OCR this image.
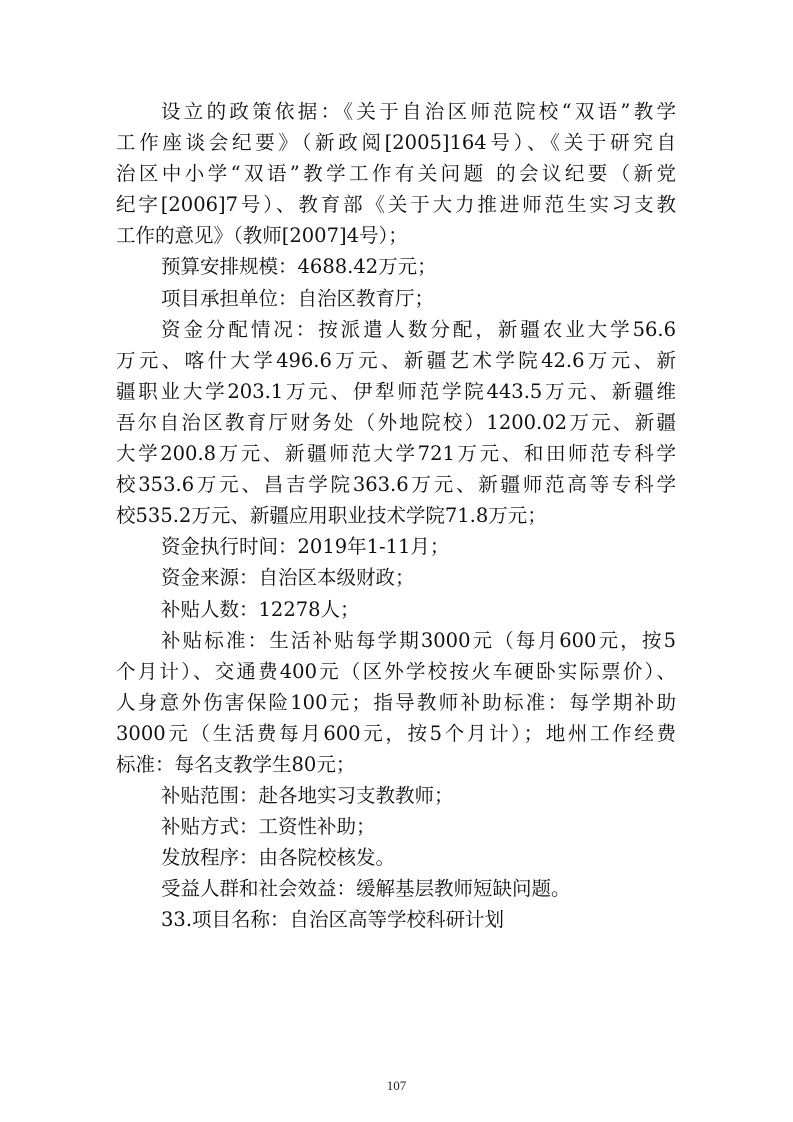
设立的政策依据：《关于自治区师范院校“双语”教学
工作座谈会纪要》（新政阅[2005]164号）、《关于研究自
治区中小学“双语”教学工作有关问题 的会议纪要（新党
纪字[2006]7号）、教育部《关于大力推进师范生实习支教
工作的意见》（教师[2007]4号）；
预算安排规模：4688.42万元；
项目承担单位：自治区教育厅；
资金分配情况：按派遣人数分配，新疆农业大学56.6
万元、喀什大学496.6万元、新疆艺术学院42.6万元、新
疆职业大学203.1万元、伊犁师范学院443.5万元、新疆维
吾尔自治区教育厅财务处（外地院校）1200.02万元、新疆
大学200.8万元、新疆师范大学721万元、和田师范专科学
校353.6万元、昌吉学院363.6万元、新疆师范高等专科学
校535.2万元、新疆应用职业技术学院71.8万元；
资金执行时间：2019年1-11月；
资金来源：自治区本级财政；
补贴人数：12278人；
补贴标准：生活补贴每学期3000元（每月600元，按5
个月计）、交通费400元（区外学校按火车硬卧实际票价）、
人身意外伤害保险100元；指导教师补助标准：每学期补助
3000元（生活费每月600元，按5个月计）；地州工作经费
标准：每名支教学生80元；
补贴范围：赴各地实习支教教师；
补贴方式：工资性补助；
发放程序：由各院校核发。
受益人群和社会效益：缓解基层教师短缺问题。
33.项目名称：自治区高等学校科研计划
107
